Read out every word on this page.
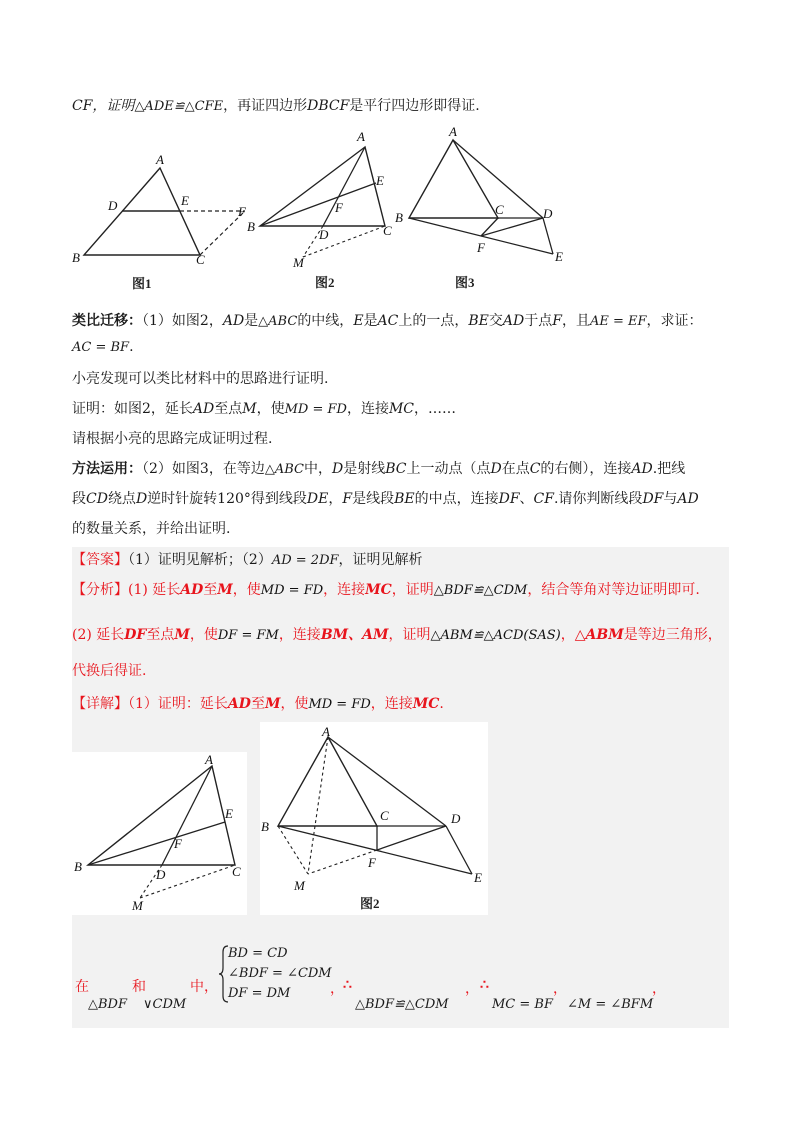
CF，证明△ADE≌△CFE，再证四边形DBCF是平行四边形即得证.
A
D	E
F
B	C
图1
A
E
F
B
D	C
M
图2
A
B
C	D
F
E
图3
类比迁移：（1）如图2，AD是△ABC的中线，E是AC上的一点，BE交AD于点F，且AE = EF，求证：
AC = BF.
小亮发现可以类比材料中的思路进行证明.
证明：如图2，延长AD至点M，使MD = FD，连接MC，……
请根据小亮的思路完成证明过程.
方法运用：（2）如图3，在等边△ABC中，D是射线BC上一动点（点D在点C的右侧），连接AD.把线
段CD绕点D逆时针旋转120°得到线段DE，F是线段BE的中点，连接DF、CF.请你判断线段DF与AD
的数量关系，并给出证明.
【答案】（1）证明见解析；（2）AD = 2DF，证明见解析
【分析】(1) 延长AD至M，使MD = FD，连接MC，证明△BDF≌△CDM，结合等角对等边证明即可.
(2) 延长DF至点M，使DF = FM，连接BM、AM，证明△ABM≌△ACD(SAS)，△ABM是等边三角形，
代换后得证.
【详解】（1）证明：延长AD至M，使MD = FD，连接MC.
A
E
F
B
D	C
M
A
B
C	D
F
E
M
图2
在
△BDF
和
∨CDM
中，
BD = CD
∠BDF = ∠CDM
DF = DM	， ∴
△BDF≌△CDM
， ∴
MC = BF
，
∠M = ∠BFM
，
